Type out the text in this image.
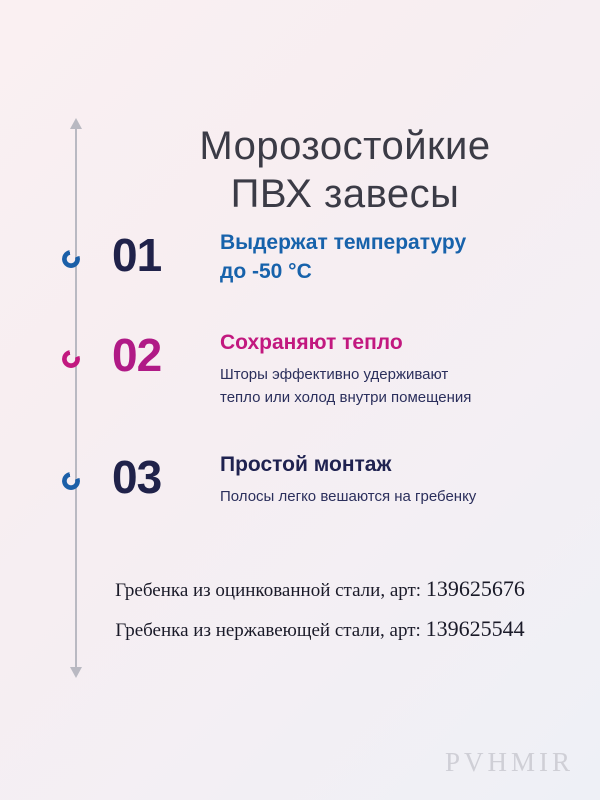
Морозостойкие
ПВХ завесы
01	Выдержат температуру
до -50 °C
02	Сохраняют тепло
Шторы эффективно удерживают
тепло или холод внутри помещения
03	Простой монтаж
Полосы легко вешаются на гребенку
Гребенка из оцинкованной стали, арт: 139625676
Гребенка из нержавеющей стали, арт: 139625544
PVHMIR
